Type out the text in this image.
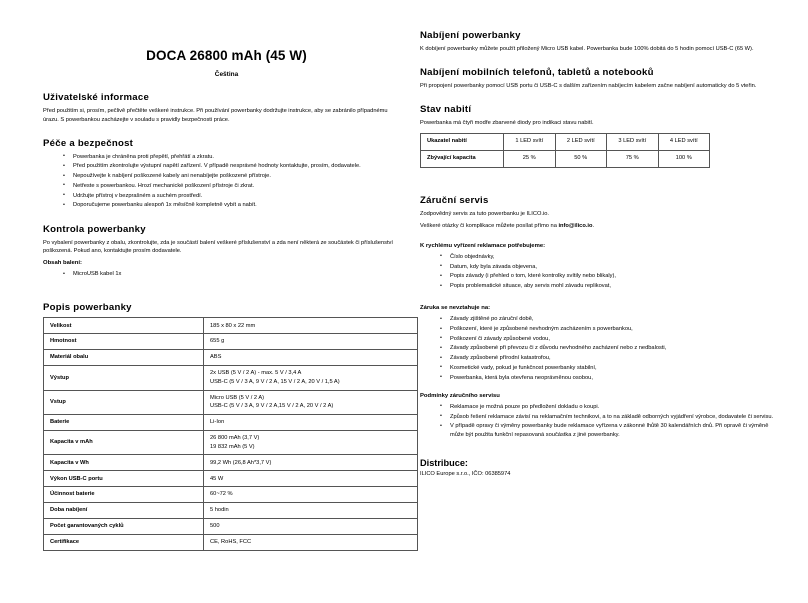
DOCA 26800 mAh (45 W)
Čeština
Uživatelské informace

Před použitím si, prosím, pečlivě přečtěte veškeré instrukce. Při používání powerbanky dodržujte instrukce, aby se zabránilo případnému úrazu. S powerbankou zacházejte v souladu s pravidly bezpečnosti práce.

Péče a bezpečnost
• Powerbanka je chráněna proti přepětí, přehřátí a zkratu.
• Před použitím zkontrolujte výstupní napětí zařízení. V případě nesprávné hodnoty kontaktujte, prosím, dodavatele.
• Nepoužívejte k nabíjení poškozené kabely ani nenabíjejte poškozené přístroje.
• Netřeste s powerbankou. Hrozí mechanické poškození přístroje či zkrat.
• Udržujte přístroj v bezprašném a suchém prostředí.
• Doporučujeme powerbanku alespoň 1x měsíčně kompletně vybít a nabít.
Kontrola powerbanky

Po vybalení powerbanky z obalu, zkontrolujte, zda je součástí balení veškeré příslušenství a zda není některá ze součástek či příslušenství poškozená. Pokud ano, kontaktujte prosím dodavatele.

Obsah balení:
• MicroUSB kabel 1x
Popis powerbanky
Velikost	185 x 80 x 22 mm

Hmotnost	655 g

Materiál obalu	ABS

Výstup	2x USB (5 V / 2 A) - max. 5 V / 3,4 A
USB-C (5 V / 3 A, 9 V / 2 A, 15 V / 2 A, 20 V / 1,5 A)

Vstup	Micro USB (5 V / 2 A)
USB-C (5 V / 3 A, 9 V / 2 A,15 V / 2 A, 20 V / 2 A)

Baterie	Li-Ion

Kapacita v mAh	26 800 mAh (3,7 V)
19 832 mAh (5 V)

Kapacita v Wh	99,2 Wh (26,8 Ah*3,7 V)

Výkon USB-C portu	45 W

Účinnost baterie	60~72 %

Doba nabíjení	5 hodin

Počet garantovaných cyklů	500

Certifikace	CE, RoHS, FCC
Nabíjení powerbanky

K dobíjení powerbanky můžete použít přiložený Micro USB kabel. Powerbanka bude 100% dobitá do 5 hodin pomocí USB-C (65 W).

Nabíjení mobilních telefonů, tabletů a notebooků

Při propojení powerbanky pomocí USB portu či USB-C s dalším zařízením nabíjecím kabelem začne nabíjení automaticky do 5 vteřin.

Stav nabití

Powerbanka má čtyři modře zbarvené diody pro indikaci stavu nabití.

Ukazatel nabití	1 LED svítí	2 LED svítí	3 LED svítí	4 LED svítí
Zbývající kapacita	25 %	50 %	75 %	100 %
Záruční servis

Zodpovědný servis za tuto powerbanku je ILICO.io.

Veškeré otázky či komplikace můžete posílat přímo na info@ilico.io.

K rychlému vyřízení reklamace potřebujeme:
• Číslo objednávky,
• Datum, kdy byla závada objevena,
• Popis závady (i přehled o tom, které kontrolky svítily nebo blikaly),
• Popis problematické situace, aby servis mohl závadu replikovat,
Záruka se nevztahuje na:
• Závady zjištěné po záruční době,
• Poškození, které je způsobené nevhodným zacházením s powerbankou,
• Poškození či závady způsobené vodou,
• Závady způsobené při převozu či z důvodu nevhodného zacházení nebo z nedbalosti,
• Závady způsobené přírodní katastrofou,
• Kosmetické vady, pokud je funkčnost powerbanky stabilní,
• Powerbanka, která byla otevřena neoprávněnou osobou,
Podmínky záručního servisu
• Reklamace je možná pouze po předložení dokladu o koupi.
• Způsob řešení reklamace závisí na reklamačním technikovi, a to na základě odborných vyjádření výrobce, dodavatele či servisu.
• V případě opravy či výměny powerbanky bude reklamace vyřízena v zákonné lhůtě 30 kalendářních dnů. Při opravě či výměně může být použita funkční repasovaná součástka z jiné powerbanky.
Distribuce:

ILICO Europe s.r.o., IČO: 06385974
